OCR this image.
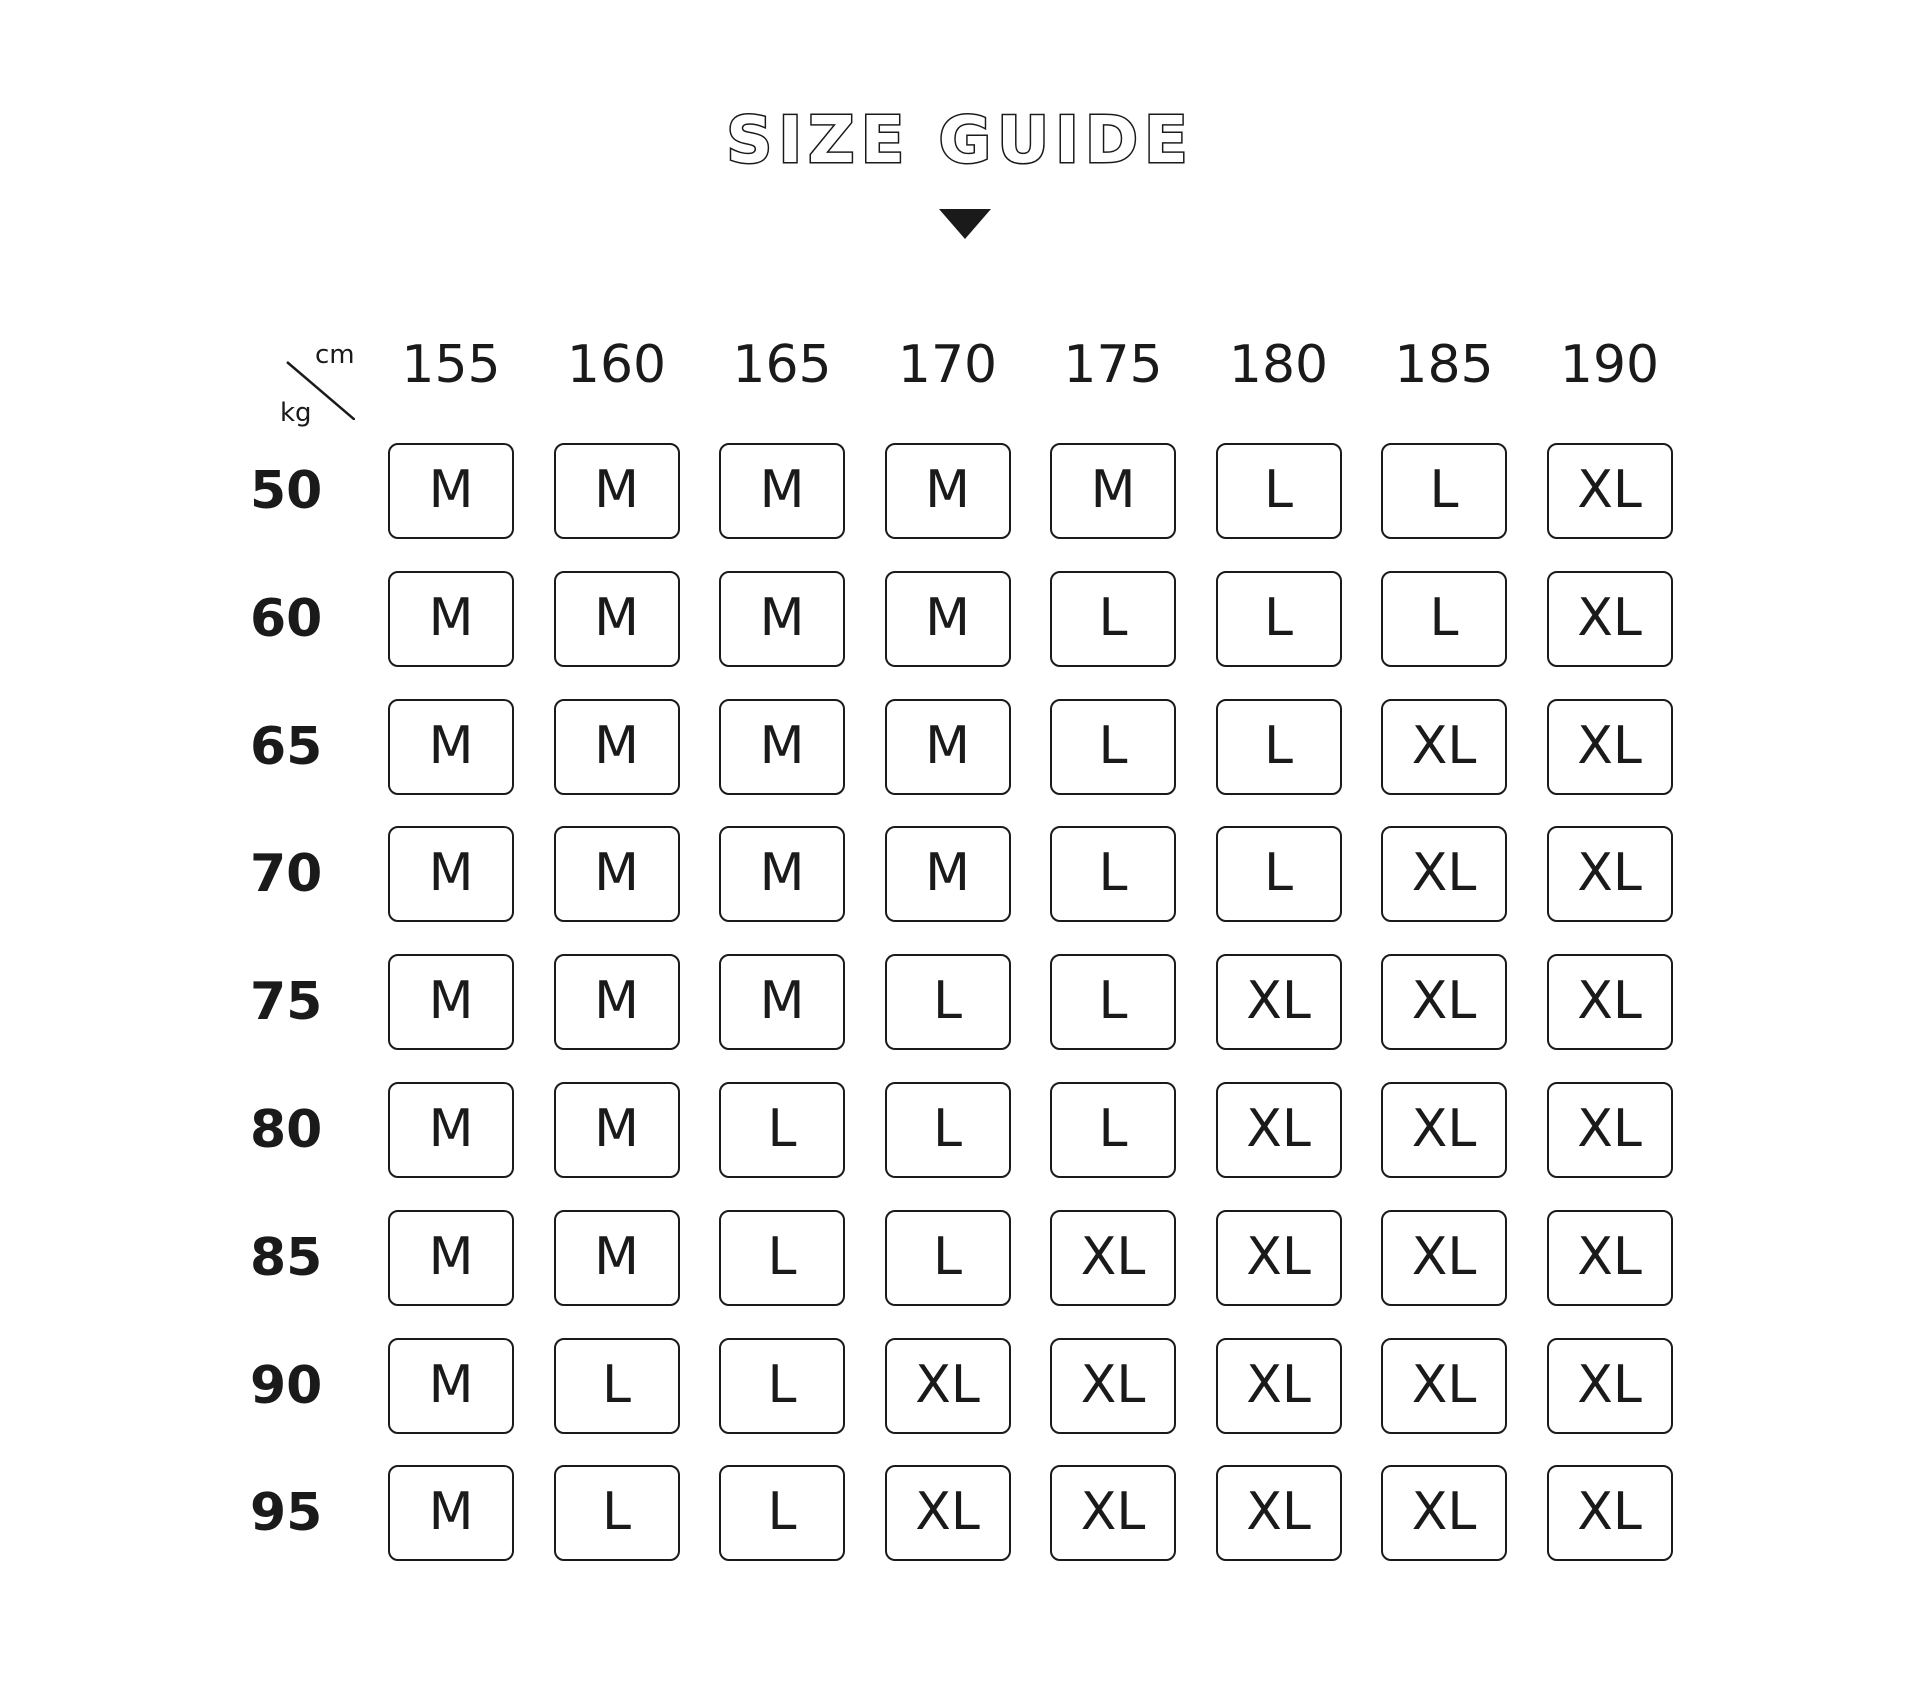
SIZE GUIDE
cm
kg
155 160 165 170 175 180 185 190
50	M	M	M	M	M	L	L	XL
60	M	M	M	M	L	L	L	XL
65	M	M	M	M	L	L	XL	XL
70	M	M	M	M	L	L	XL	XL
75	M	M	M	L	L	XL	XL	XL
80	M	M	L	L	L	XL	XL	XL
85	M	M	L	L	XL	XL	XL	XL
90	M	L	L	XL	XL	XL	XL	XL
95	M	L	L	XL	XL	XL	XL	XL
